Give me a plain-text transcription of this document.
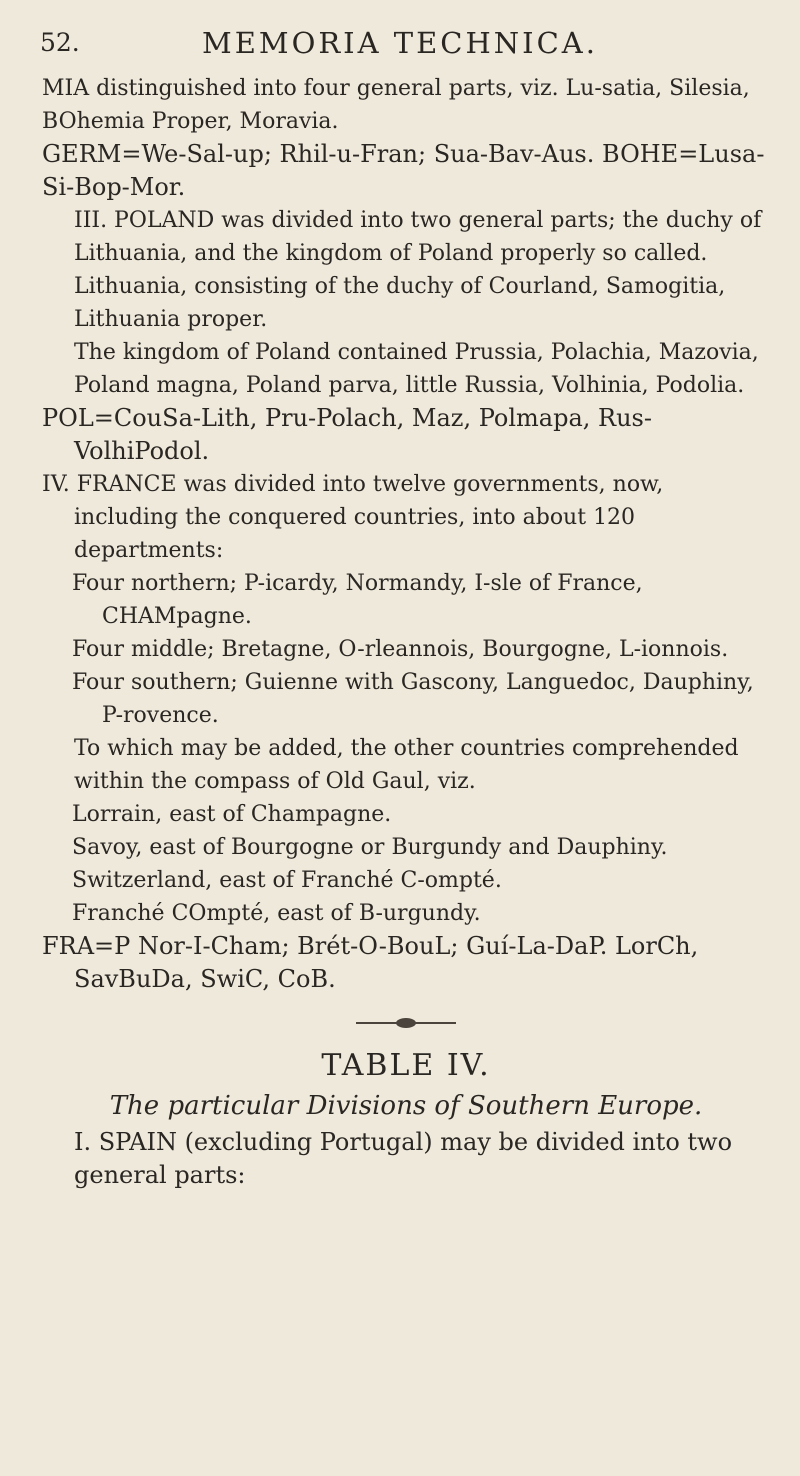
52.	MEMORIA TECHNICA.

MIA distinguished into four general parts, viz. Lu-satia, Silesia, BOhemia Proper, Moravia.

GERM=We-Sal-up; Rhil-u-Fran; Sua-Bav-Aus. BOHE=Lusa-Si-Bop-Mor.

III. POLAND was divided into two general parts; the duchy of Lithuania, and the kingdom of Poland properly so called.

Lithuania, consisting of the duchy of Courland, Samogitia, Lithuania proper.

The kingdom of Poland contained Prussia, Polachia, Mazovia, Poland magna, Poland parva, little Russia, Volhinia, Podolia.

POL=CouSa-Lith, Pru-Polach, Maz, Polmapa, Rus-VolhiPodol.

IV. FRANCE was divided into twelve governments, now, including the conquered countries, into about 120 departments:

Four northern; P-icardy, Normandy, I-sle of France, CHAMpagne.

Four middle; Bretagne, O-rleannois, Bourgogne, L-ionnois.

Four southern; Guienne with Gascony, Languedoc, Dauphiny, P-rovence.

To which may be added, the other countries comprehended within the compass of Old Gaul, viz.

Lorrain, east of Champagne.

Savoy, east of Bourgogne or Burgundy and Dauphiny.

Switzerland, east of Franché C-ompté.

Franché COmpté, east of B-urgundy.

FRA=P Nor-I-Cham; Brét-O-BouL; Guí-La-DaP. LorCh, SavBuDa, SwiC, CoB.

TABLE IV.
The particular Divisions of Southern Europe.

I. SPAIN (excluding Portugal) may be divided into two general parts:
